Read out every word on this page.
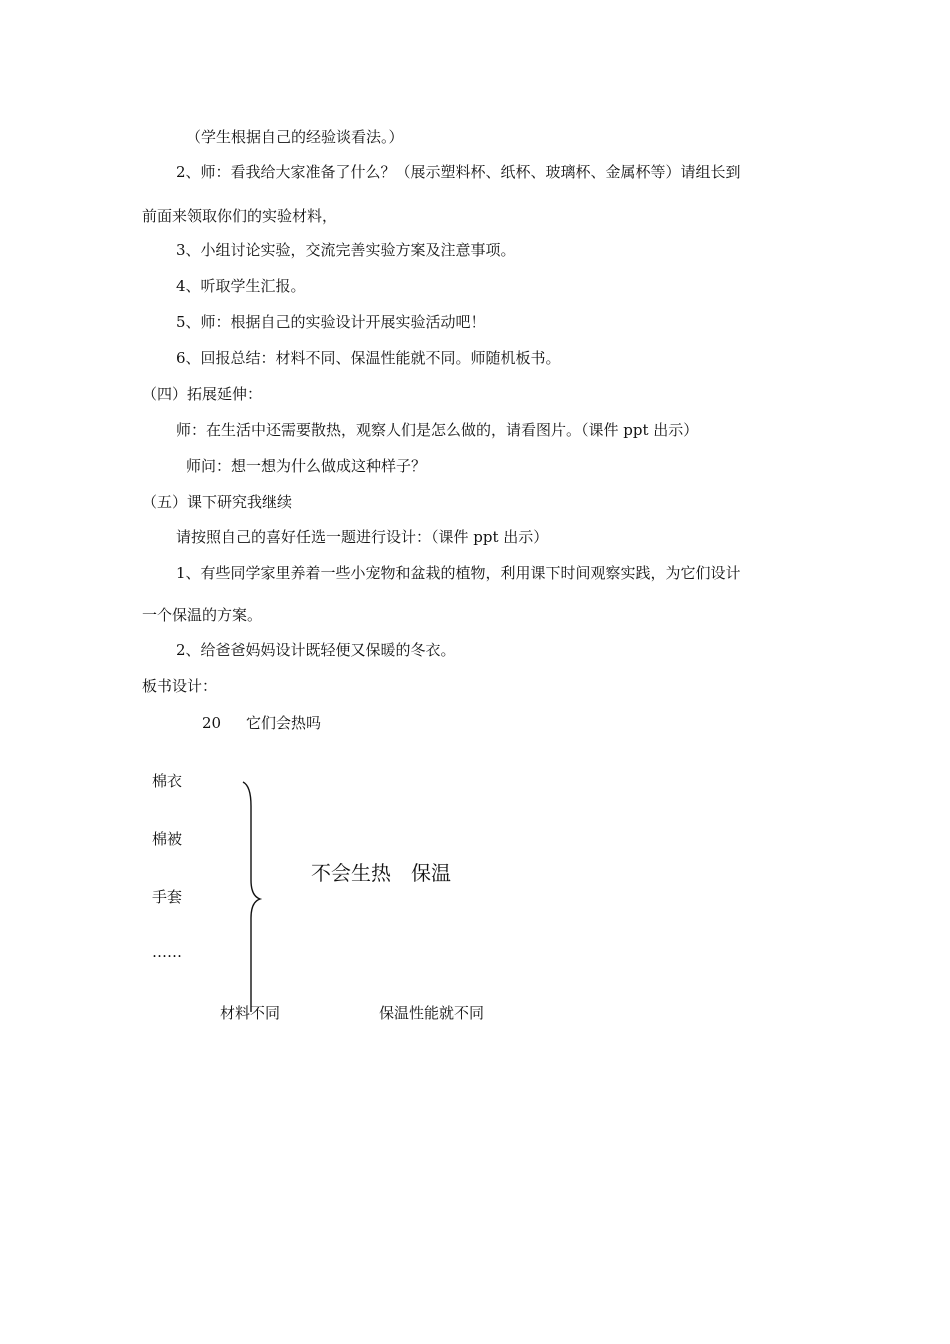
（学生根据自己的经验谈看法。）
2、师：看我给大家准备了什么？（展示塑料杯、纸杯、玻璃杯、金属杯等）请组长到
前面来领取你们的实验材料，
3、小组讨论实验，交流完善实验方案及注意事项。
4、听取学生汇报。
5、师：根据自己的实验设计开展实验活动吧！
6、回报总结：材料不同、保温性能就不同。师随机板书。
（四）拓展延伸：
师：在生活中还需要散热，观察人们是怎么做的，请看图片。（课件 ppt 出示）
师问：想一想为什么做成这种样子？
（五）课下研究我继续
请按照自己的喜好任选一题进行设计：（课件 ppt 出示）
1、有些同学家里养着一些小宠物和盆栽的植物，利用课下时间观察实践，为它们设计
一个保温的方案。
2、给爸爸妈妈设计既轻便又保暖的冬衣。
板书设计：
20 它们会热吗
棉衣
棉被
手套
……
不会生热　保温
材料不同	保温性能就不同
